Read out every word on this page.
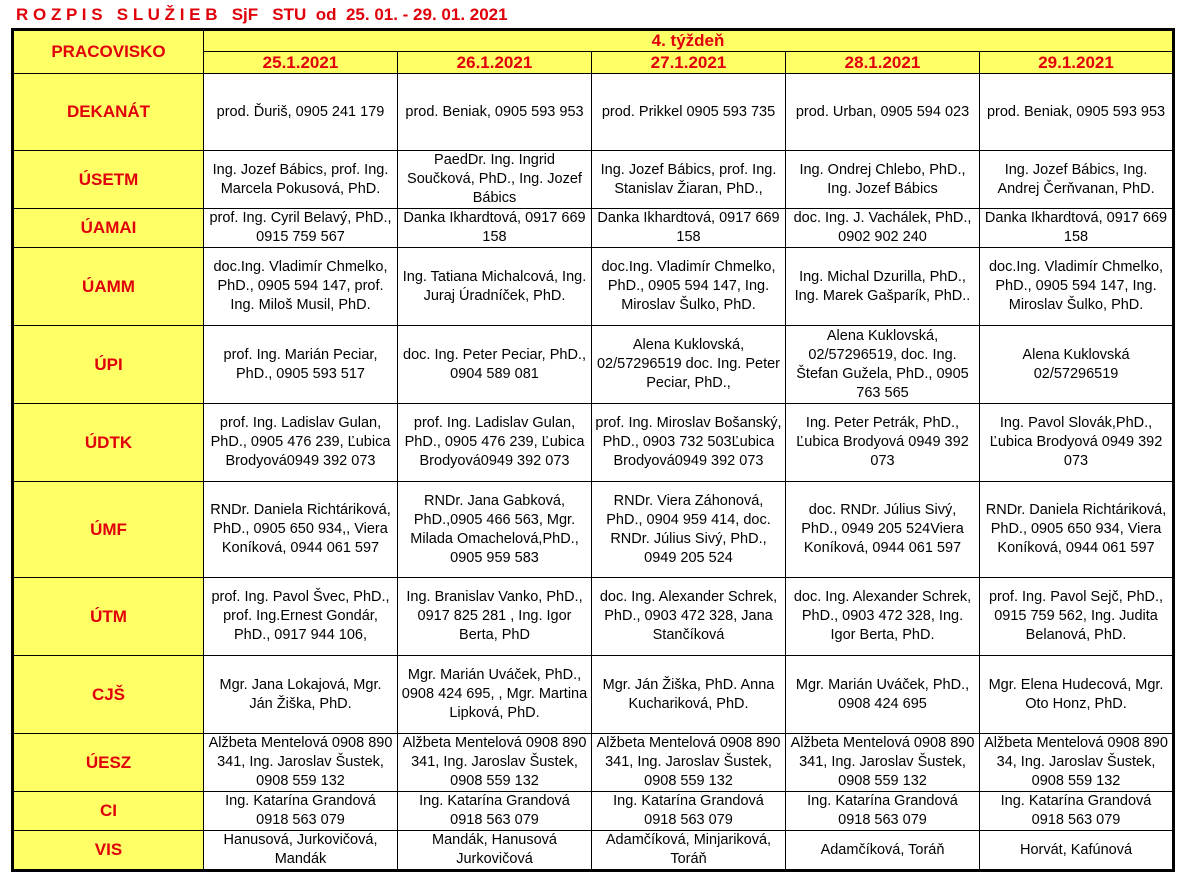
R O Z P I S   S L U Ž I E B   SjF   STU  od  25. 01. - 29. 01. 2021
PRACOVISKO	4. týždeň				
	25.1.2021	26.1.2021	27.1.2021	28.1.2021	29.1.2021
DEKANÁT	prod. Ďuriš, 0905 241 179	prod. Beniak, 0905 593 953	prod. Prikkel 0905 593 735	prod. Urban, 0905 594 023	prod. Beniak, 0905 593 953
ÚSETM	Ing. Jozef Bábics, prof. Ing. Marcela Pokusová, PhD.	PaedDr. Ing. Ingrid Součková, PhD., Ing. Jozef Bábics	Ing. Jozef Bábics, prof. Ing. Stanislav Žiaran, PhD.,	Ing. Ondrej Chlebo, PhD., Ing. Jozef Bábics	Ing. Jozef Bábics, Ing. Andrej Čerňvanan, PhD.
ÚAMAI	prof. Ing. Cyril Belavý, PhD., 0915 759 567	Danka Ikhardtová, 0917 669 158	Danka Ikhardtová, 0917 669 158	doc. Ing. J. Vachálek, PhD., 0902 902 240	Danka Ikhardtová, 0917 669 158
ÚAMM	doc.Ing. Vladimír Chmelko, PhD., 0905 594 147, prof. Ing. Miloš Musil, PhD.	Ing. Tatiana Michalcová, Ing. Juraj Úradníček, PhD.	doc.Ing. Vladimír Chmelko, PhD., 0905 594 147, Ing. Miroslav Šulko, PhD.	Ing. Michal Dzurilla, PhD., Ing. Marek Gašparík, PhD..	doc.Ing. Vladimír Chmelko, PhD., 0905 594 147, Ing. Miroslav Šulko, PhD.
ÚPI	prof. Ing. Marián Peciar, PhD., 0905 593 517	doc. Ing. Peter Peciar, PhD., 0904 589 081	Alena Kuklovská, 02/57296519 doc. Ing. Peter Peciar, PhD.,	Alena Kuklovská, 02/57296519, doc. Ing. Štefan Gužela, PhD., 0905 763 565	Alena Kuklovská 02/57296519
ÚDTK	prof. Ing. Ladislav Gulan, PhD., 0905 476 239, Ľubica Brodyová0949 392 073	prof. Ing. Ladislav Gulan, PhD., 0905 476 239, Ľubica Brodyová0949 392 073	prof. Ing. Miroslav Bošanský, PhD., 0903 732 503Ľubica Brodyová0949 392 073	Ing. Peter Petrák, PhD., Ľubica Brodyová 0949 392 073	Ing. Pavol Slovák,PhD., Ľubica Brodyová 0949 392 073
ÚMF	RNDr. Daniela Richtáriková, PhD., 0905 650 934,, Viera Koníková, 0944 061 597	RNDr. Jana Gabková, PhD.,0905 466 563, Mgr. Milada Omachelová,PhD., 0905 959 583	RNDr. Viera Záhonová, PhD., 0904 959 414, doc. RNDr. Július Sivý, PhD., 0949 205 524	doc. RNDr. Július Sivý, PhD., 0949 205 524Viera Koníková, 0944 061 597	RNDr. Daniela Richtáriková, PhD., 0905 650 934, Viera Koníková, 0944 061 597
ÚTM	prof. Ing. Pavol Švec, PhD., prof. Ing.Ernest Gondár, PhD., 0917 944 106,	Ing. Branislav Vanko, PhD., 0917 825 281 , Ing. Igor Berta, PhD	doc. Ing. Alexander Schrek, PhD., 0903 472 328, Jana Stančíková	doc. Ing. Alexander Schrek, PhD., 0903 472 328, Ing. Igor Berta, PhD.	prof. Ing. Pavol Sejč, PhD., 0915 759 562, Ing. Judita Belanová, PhD.
CJŠ	Mgr. Jana Lokajová, Mgr. Ján Žiška, PhD.	Mgr. Marián Uváček, PhD., 0908 424 695, , Mgr. Martina Lipková, PhD.	Mgr. Ján Žiška, PhD. Anna Kuchariková, PhD.	Mgr. Marián Uváček, PhD., 0908 424 695	Mgr. Elena Hudecová, Mgr. Oto Honz, PhD.
ÚESZ	Alžbeta Mentelová 0908 890 341, Ing. Jaroslav Šustek, 0908 559 132	Alžbeta Mentelová 0908 890 341, Ing. Jaroslav Šustek, 0908 559 132	Alžbeta Mentelová 0908 890 341, Ing. Jaroslav Šustek, 0908 559 132	Alžbeta Mentelová 0908 890 341, Ing. Jaroslav Šustek, 0908 559 132	Alžbeta Mentelová 0908 890 34, Ing. Jaroslav Šustek, 0908 559 132
CI	Ing. Katarína Grandová 0918 563 079	Ing. Katarína Grandová 0918 563 079	Ing. Katarína Grandová 0918 563 079	Ing. Katarína Grandová 0918 563 079	Ing. Katarína Grandová 0918 563 079
VIS	Hanusová, Jurkovičová, Mandák	Mandák, Hanusová Jurkovičová	Adamčíková, Minjariková, Toráň	Adamčíková, Toráň	Horvát, Kafúnová
